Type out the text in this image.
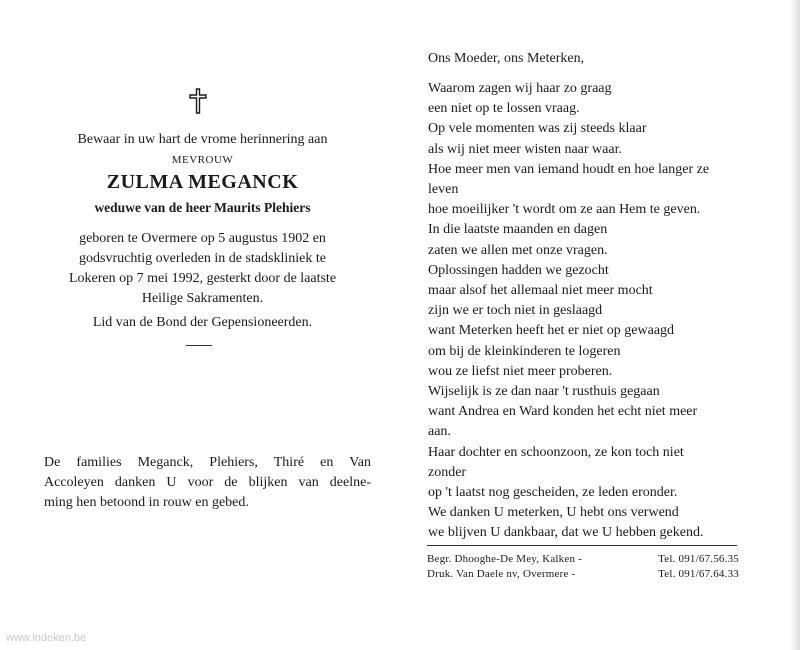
Bewaar in uw hart de vrome herinnering aan
MEVROUW
ZULMA MEGANCK
weduwe van de heer Maurits Plehiers
geboren te Overmere op 5 augustus 1902 en
godsvruchtig overleden in de stadskliniek te
Lokeren op 7 mei 1992, gesterkt door de laatste
Heilige Sakramenten.
Lid van de Bond der Gepensioneerden.
De families Meganck, Plehiers, Thiré en Van
Accoleyen danken U voor de blijken van deelne-
ming hen betoond in rouw en gebed.
Ons Moeder, ons Meterken,
Waarom zagen wij haar zo graag
een niet op te lossen vraag.
Op vele momenten was zij steeds klaar
als wij niet meer wisten naar waar.
Hoe meer men van iemand houdt en hoe langer ze
leven
hoe moeilijker 't wordt om ze aan Hem te geven.
In die laatste maanden en dagen
zaten we allen met onze vragen.
Oplossingen hadden we gezocht
maar alsof het allemaal niet meer mocht
zijn we er toch niet in geslaagd
want Meterken heeft het er niet op gewaagd
om bij de kleinkinderen te logeren
wou ze liefst niet meer proberen.
Wijselijk is ze dan naar 't rusthuis gegaan
want Andrea en Ward konden het echt niet meer
aan.
Haar dochter en schoonzoon, ze kon toch niet
zonder
op 't laatst nog gescheiden, ze leden eronder.
We danken U meterken, U hebt ons verwend
we blijven U dankbaar, dat we U hebben gekend.
Begr. Dhooghe-De Mey, Kalken -	Tel. 091/67.56.35
Druk. Van Daele nv, Overmere -	Tel. 091/67.64.33
www.indeken.be
